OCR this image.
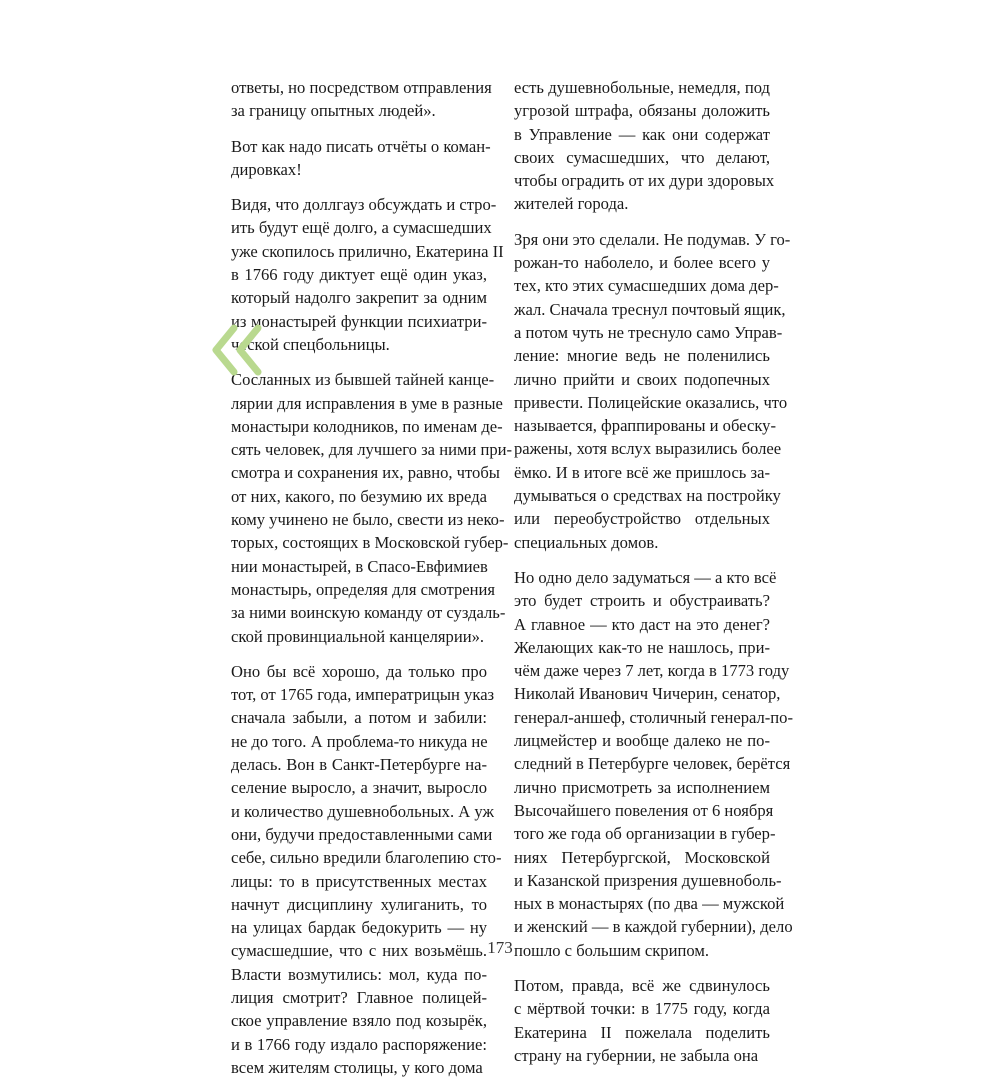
ответы, но посредством отправления
за границу опытных людей».

Вот как надо писать отчёты о коман-
дировках!

Видя, что доллгауз обсуждать и стро-
ить будут ещё долго, а сумасшедших
уже скопилось прилично, Екатерина II
в 1766 году диктует ещё один указ,
который надолго закрепит за одним
из монастырей функции психиатри-
ческой спецбольницы.

Сосланных из бывшей тайней канце-
лярии для исправления в уме в разные
монастыри колодников, по именам де-
сять человек, для лучшего за ними при-
смотра и сохранения их, равно, чтобы
от них, какого, по безумию их вреда
кому учинено не было, свести из неко-
торых, состоящих в Московской губер-
нии монастырей, в Спасо-Евфимиев
монастырь, определяя для смотрения
за ними воинскую команду от суздаль-
ской провинциальной канцелярии».

Оно бы всё хорошо, да только про
тот, от 1765 года, императрицын указ
сначала забыли, а потом и забили:
не до того. А проблема-то никуда не
делась. Вон в Санкт-Петербурге на-
селение выросло, а значит, выросло
и количество душевнобольных. А уж
они, будучи предоставленными сами
себе, сильно вредили благолепию сто-
лицы: то в присутственных местах
начнут дисциплину хулиганить, то
на улицах бардак бедокурить — ну
сумасшедшие, что с них возьмёшь.
Власти возмутились: мол, куда по-
лиция смотрит? Главное полицей-
ское управление взяло под козырёк,
и в 1766 году издало распоряжение:
всем жителям столицы, у кого дома

есть душевнобольные, немедля, под
угрозой штрафа, обязаны доложить
в Управление — как они содержат
своих сумасшедших, что делают,
чтобы оградить от их дури здоровых
жителей города.

Зря они это сделали. Не подумав. У го-
рожан-то наболело, и более всего у
тех, кто этих сумасшедших дома дер-
жал. Сначала треснул почтовый ящик,
а потом чуть не треснуло само Управ-
ление: многие ведь не поленились
лично прийти и своих подопечных
привести. Полицейские оказались, что
называется, фраппированы и обеску-
ражены, хотя вслух выразились более
ёмко. И в итоге всё же пришлось за-
думываться о средствах на постройку
или переобустройство отдельных
специальных домов.

Но одно дело задуматься — а кто всё
это будет строить и обустраивать?
А главное — кто даст на это денег?
Желающих как-то не нашлось, при-
чём даже через 7 лет, когда в 1773 году
Николай Иванович Чичерин, сенатор,
генерал-аншеф, столичный генерал-по-
лицмейстер и вообще далеко не по-
следний в Петербурге человек, берётся
лично присмотреть за исполнением
Высочайшего повеления от 6 ноября
того же года об организации в губер-
ниях Петербургской, Московской
и Казанской призрения душевноболь-
ных в монастырях (по два — мужской
и женский — в каждой губернии), дело
пошло с большим скрипом.

Потом, правда, всё же сдвинулось
с мёртвой точки: в 1775 году, когда
Екатерина II пожелала поделить
страну на губернии, не забыла она

173
